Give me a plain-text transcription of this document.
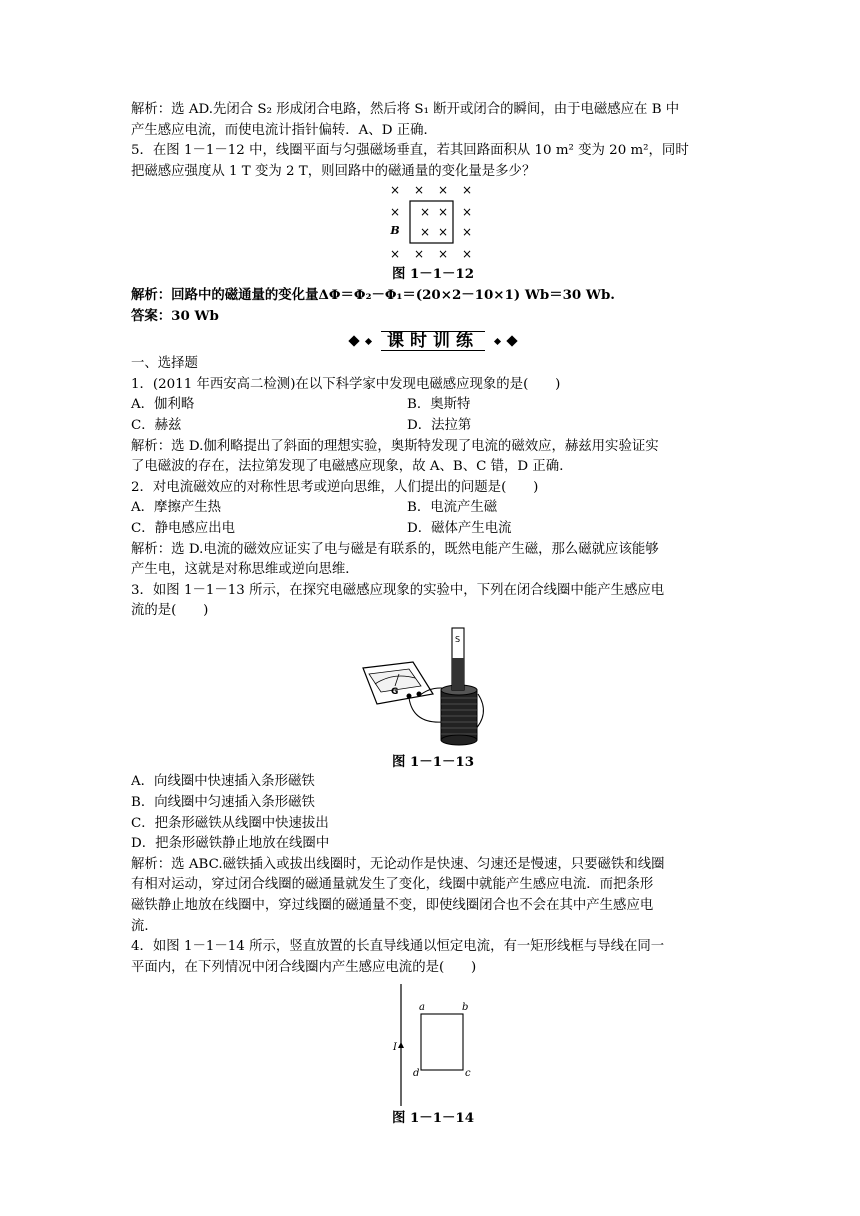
解析：选 AD.先闭合 S₂ 形成闭合电路，然后将 S₁ 断开或闭合的瞬间，由于电磁感应在 B 中
产生感应电流，而使电流计指针偏转．A、D 正确．
5．在图 1－1－12 中，线圈平面与匀强磁场垂直，若其回路面积从 10 m² 变为 20 m²，同时
把磁感应强度从 1 T 变为 2 T，则回路中的磁通量的变化量是多少？
× × × ×
× × × ×
× × ×
× × × ×
B
图 1－1－12
解析：回路中的磁通量的变化量ΔΦ＝Φ₂－Φ₁＝(20×2－10×1) Wb＝30 Wb.
答案：30 Wb
课时训练
一、选择题
1．(2011 年西安高二检测)在以下科学家中发现电磁感应现象的是(　　)
A．伽利略	B．奥斯特
C．赫兹	D．法拉第
解析：选 D.伽利略提出了斜面的理想实验，奥斯特发现了电流的磁效应，赫兹用实验证实
了电磁波的存在，法拉第发现了电磁感应现象，故 A、B、C 错，D 正确．
2．对电流磁效应的对称性思考或逆向思维，人们提出的问题是(　　)
A．摩擦产生热	B．电流产生磁
C．静电感应出电	D．磁体产生电流
解析：选 D.电流的磁效应证实了电与磁是有联系的，既然电能产生磁，那么磁就应该能够
产生电，这就是对称思维或逆向思维．
3．如图 1－1－13 所示，在探究电磁感应现象的实验中，下列在闭合线圈中能产生感应电
流的是(　　)
G
S
图 1－1－13
A．向线圈中快速插入条形磁铁
B．向线圈中匀速插入条形磁铁
C．把条形磁铁从线圈中快速拔出
D．把条形磁铁静止地放在线圈中
解析：选 ABC.磁铁插入或拔出线圈时，无论动作是快速、匀速还是慢速，只要磁铁和线圈
有相对运动，穿过闭合线圈的磁通量就发生了变化，线圈中就能产生感应电流．而把条形
磁铁静止地放在线圈中，穿过线圈的磁通量不变，即使线圈闭合也不会在其中产生感应电
流．
4．如图 1－1－14 所示，竖直放置的长直导线通以恒定电流，有一矩形线框与导线在同一
平面内，在下列情况中闭合线圈内产生感应电流的是(　　)
I
a	b
c
d
图 1－1－14
